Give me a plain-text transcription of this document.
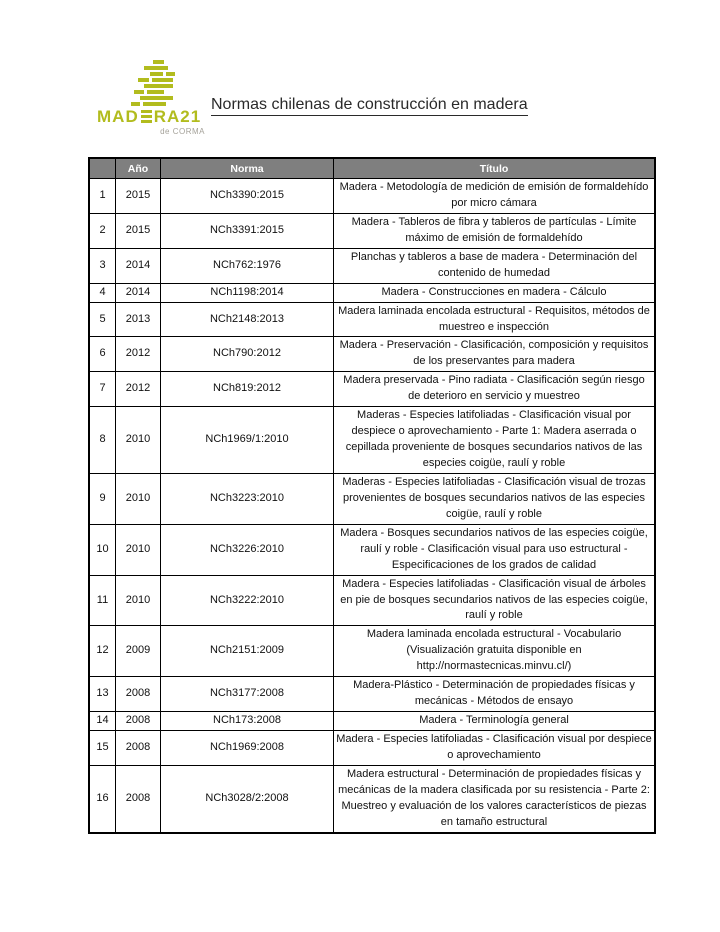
MAD RA21
de CORMA
Normas chilenas de construcción en madera
	Año	Norma	Título
1	2015	NCh3390:2015	Madera - Metodología de medición de emisión de formaldehído por micro cámara
2	2015	NCh3391:2015	Madera - Tableros de fibra y tableros de partículas - Límite máximo de emisión de formaldehído
3	2014	NCh762:1976	Planchas y tableros a base de madera - Determinación del contenido de humedad
4	2014	NCh1198:2014	Madera - Construcciones en madera - Cálculo
5	2013	NCh2148:2013	Madera laminada encolada estructural - Requisitos, métodos de muestreo e inspección
6	2012	NCh790:2012	Madera - Preservación - Clasificación, composición y requisitos de los preservantes para madera
7	2012	NCh819:2012	Madera preservada - Pino radiata - Clasificación según riesgo de deterioro en servicio y muestreo
8	2010	NCh1969/1:2010	Maderas - Especies latifoliadas - Clasificación visual por despiece o aprovechamiento - Parte 1: Madera aserrada o cepillada proveniente de bosques secundarios nativos de las especies coigüe, raulí y roble
9	2010	NCh3223:2010	Maderas - Especies latifoliadas - Clasificación visual de trozas provenientes de bosques secundarios nativos de las especies coigüe, raulí y roble
10	2010	NCh3226:2010	Madera - Bosques secundarios nativos de las especies coigüe, raulí y roble - Clasificación visual para uso estructural - Especificaciones de los grados de calidad
11	2010	NCh3222:2010	Madera - Especies latifoliadas - Clasificación visual de árboles en pie de bosques secundarios nativos de las especies coigüe, raulí y roble
12	2009	NCh2151:2009	Madera laminada encolada estructural - Vocabulario (Visualización gratuita disponible en http://normastecnicas.minvu.cl/)
13	2008	NCh3177:2008	Madera-Plástico - Determinación de propiedades físicas y mecánicas - Métodos de ensayo
14	2008	NCh173:2008	Madera - Terminología general
15	2008	NCh1969:2008	Madera - Especies latifoliadas - Clasificación visual por despiece o aprovechamiento
16	2008	NCh3028/2:2008	Madera estructural - Determinación de propiedades físicas y mecánicas de la madera clasificada por su resistencia - Parte 2: Muestreo y evaluación de los valores característicos de piezas en tamaño estructural
